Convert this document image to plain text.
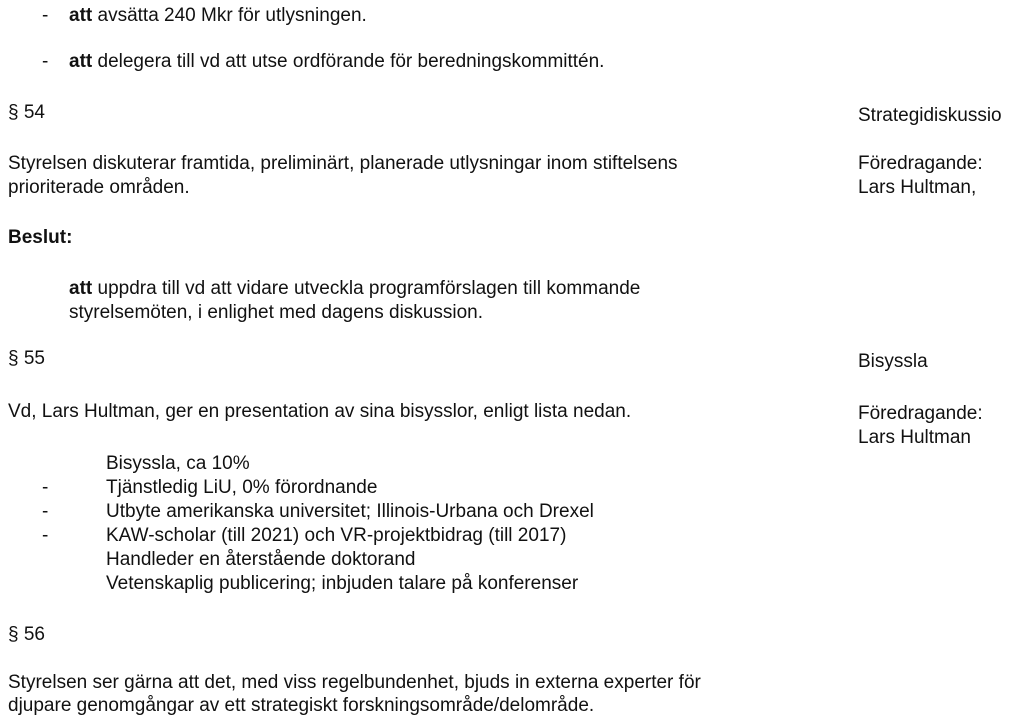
- att avsätta 240 Mkr för utlysningen.
- att delegera till vd att utse ordförande för beredningskommittén.
§ 54	Strategidiskussio
Styrelsen diskuterar framtida, preliminärt, planerade utlysningar inom stiftelsens
prioriterade områden.
Föredragande:
Lars Hultman,
Beslut:
att uppdra till vd att vidare utveckla programförslagen till kommande
styrelsemöten, i enlighet med dagens diskussion.
§ 55	Bisyssla
Vd, Lars Hultman, ger en presentation av sina bisysslor, enligt lista nedan.	Föredragande:
Lars Hultman
Bisyssla, ca 10%
-	Tjänstledig LiU, 0% förordnande
-	Utbyte amerikanska universitet; Illinois-Urbana och Drexel
-	KAW-scholar (till 2021) och VR-projektbidrag (till 2017)
Handleder en återstående doktorand
Vetenskaplig publicering; inbjuden talare på konferenser
§ 56
Styrelsen ser gärna att det, med viss regelbundenhet, bjuds in externa experter för
djupare genomgångar av ett strategiskt forskningsområde/delområde.
